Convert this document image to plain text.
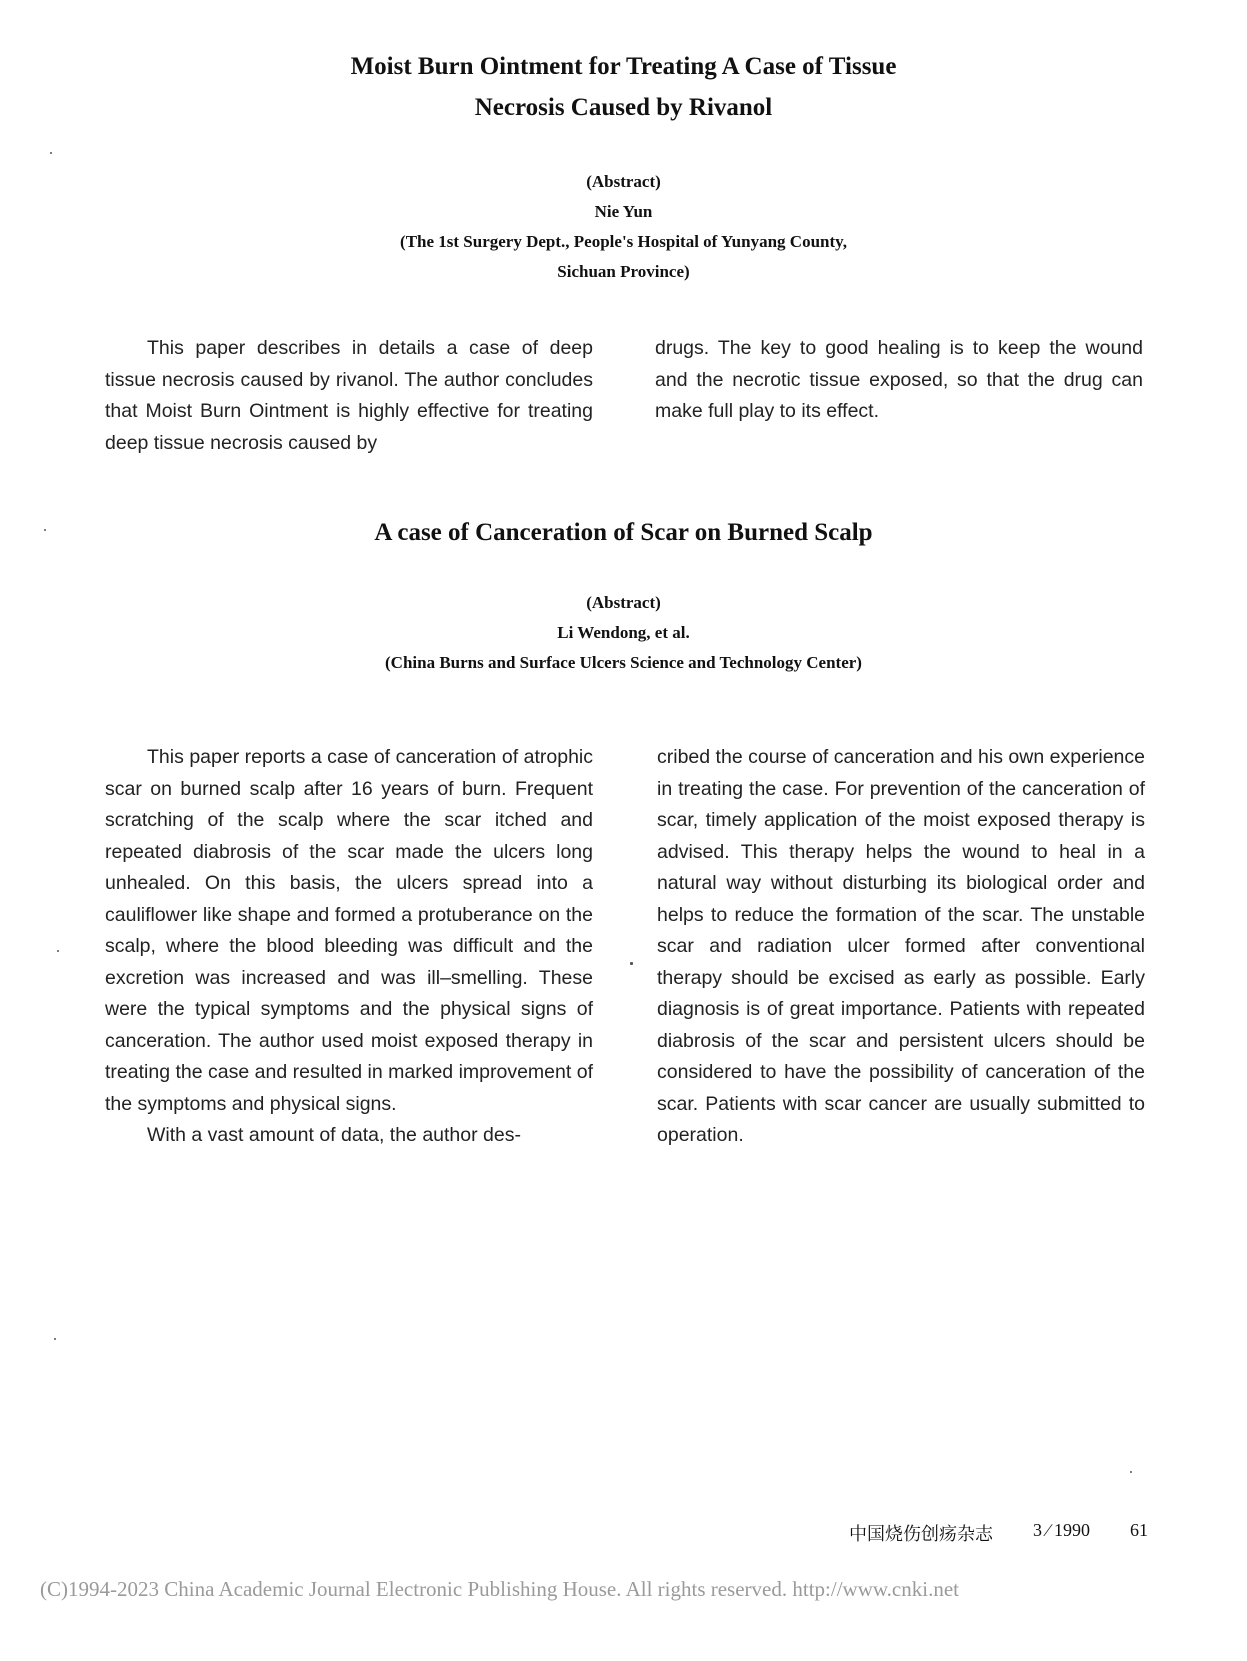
Moist Burn Ointment for Treating A Case of Tissue
Necrosis Caused by Rivanol
(Abstract)
Nie Yun
(The 1st Surgery Dept., People's Hospital of Yunyang County,
Sichuan Province)

This paper describes in details a case of deep tissue necrosis caused by rivanol. The author concludes that Moist Burn Ointment is highly effective for treating deep tissue necrosis caused by

drugs. The key to good healing is to keep the wound and the necrotic tissue exposed, so that the drug can make full play to its effect.

A case of Canceration of Scar on Burned Scalp
(Abstract)
Li Wendong, et al.
(China Burns and Surface Ulcers Science and Technology Center)

This paper reports a case of canceration of atrophic scar on burned scalp after 16 years of burn. Frequent scratching of the scalp where the scar itched and repeated diabrosis of the scar made the ulcers long unhealed. On this basis, the ulcers spread into a cauliflower like shape and formed a protuberance on the scalp, where the blood bleeding was difficult and the excretion was increased and was ill–smelling. These were the typical symptoms and the physical signs of canceration. The author used moist exposed therapy in treating the case and resulted in marked improvement of the symptoms and physical signs.

With a vast amount of data, the author des-

cribed the course of canceration and his own experience in treating the case. For prevention of the canceration of scar, timely application of the moist exposed therapy is advised. This therapy helps the wound to heal in a natural way without disturbing its biological order and helps to reduce the formation of the scar. The unstable scar and radiation ulcer formed after conventional therapy should be excised as early as possible. Early diagnosis is of great importance. Patients with repeated diabrosis of the scar and persistent ulcers should be considered to have the possibility of canceration of the scar. Patients with scar cancer are usually submitted to operation.

中国烧伤创疡杂志 3 ∕ 1990 61
(C)1994-2023 China Academic Journal Electronic Publishing House. All rights reserved. http://www.cnki.net
